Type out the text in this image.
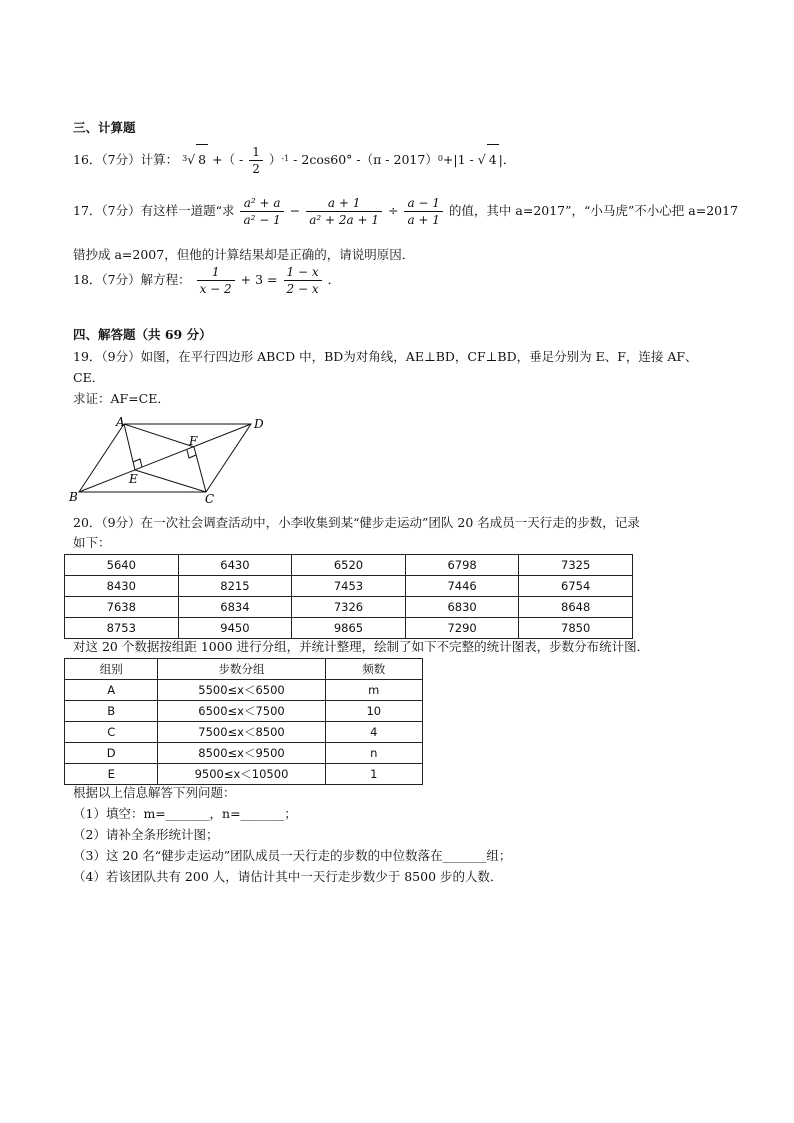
三、计算题
16．（7分）计算： $^3$√ 8 +（ - $\frac{1}{2} )^{-1} - 2\cos 60^\circ$ -（π - 2017）$^0$+|1 - √ 4 |．
17．（7分）有这样一道题“求 $\frac{\text{a² + a}}{\text{a² − 1}} - \frac{a + 1}{\text{a² + 2a + 1}} \div \frac{a - 1}{a + 1}$ 的值，其中 a=2017”，“小马虎”不小心把 a=2017
错抄成 a=2007，但他的计算结果却是正确的，请说明原因．
18．（7分）解方程： $\frac{1}{x - 2} + 3 = \frac{1 - x}{2 - x}$ ．
四、解答题（共 69 分）
19．（9分）如图，在平行四边形 ABCD 中，BD为对角线，AE⊥BD，CF⊥BD，垂足分别为 E、F，连接 AF、
CE．
求证：AF=CE．
A	D
B	C
E
F
20．（9分）在一次社会调查活动中，小李收集到某“健步走运动”团队 20 名成员一天行走的步数，记录
如下：
5640	6430	6520	6798	7325
8430	8215	7453	7446	6754
7638	6834	7326	6830	8648
8753	9450	9865	7290	7850
对这 20 个数据按组距 1000 进行分组，并统计整理，绘制了如下不完整的统计图表，步数分布统计图．
组别	步数分组	频数
A	5500≤x＜6500	m
B	6500≤x＜7500	10
C	7500≤x＜8500	4
D	8500≤x＜9500	n
E	9500≤x＜10500	1
根据以上信息解答下列问题：
（1）填空：m=_______，n=_______；
（2）请补全条形统计图；
（3）这 20 名“健步走运动”团队成员一天行走的步数的中位数落在_______组；
（4）若该团队共有 200 人，请估计其中一天行走步数少于 8500 步的人数．
